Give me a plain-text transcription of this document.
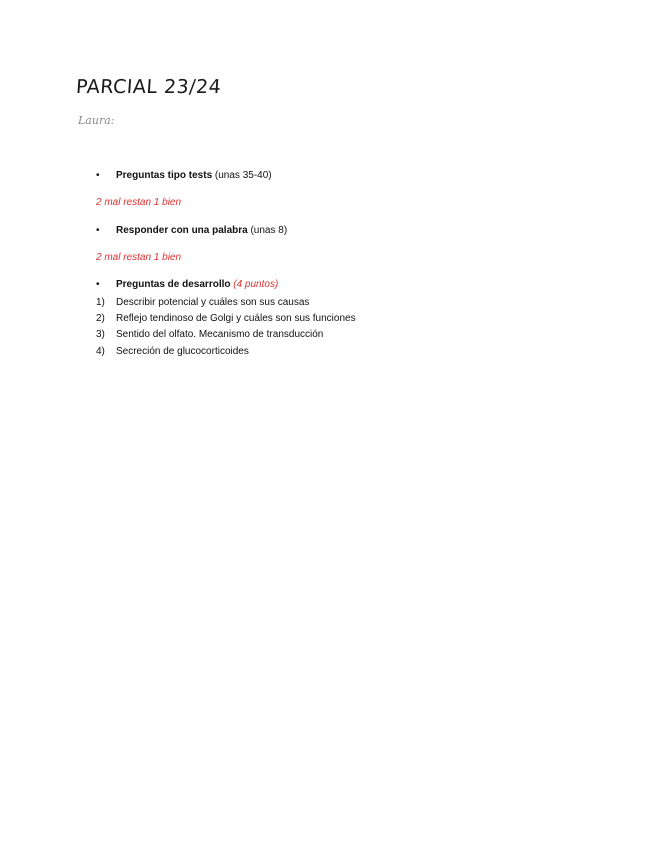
PARCIAL 23/24
Laura:
• Preguntas tipo tests (unas 35-40)
2 mal restan 1 bien
• Responder con una palabra (unas 8)
2 mal restan 1 bien
• Preguntas de desarrollo (4 puntos)
1) Describir potencial y cuáles son sus causas
2) Reflejo tendinoso de Golgi y cuáles son sus funciones
3) Sentido del olfato. Mecanismo de transducción
4) Secreción de glucocorticoides
